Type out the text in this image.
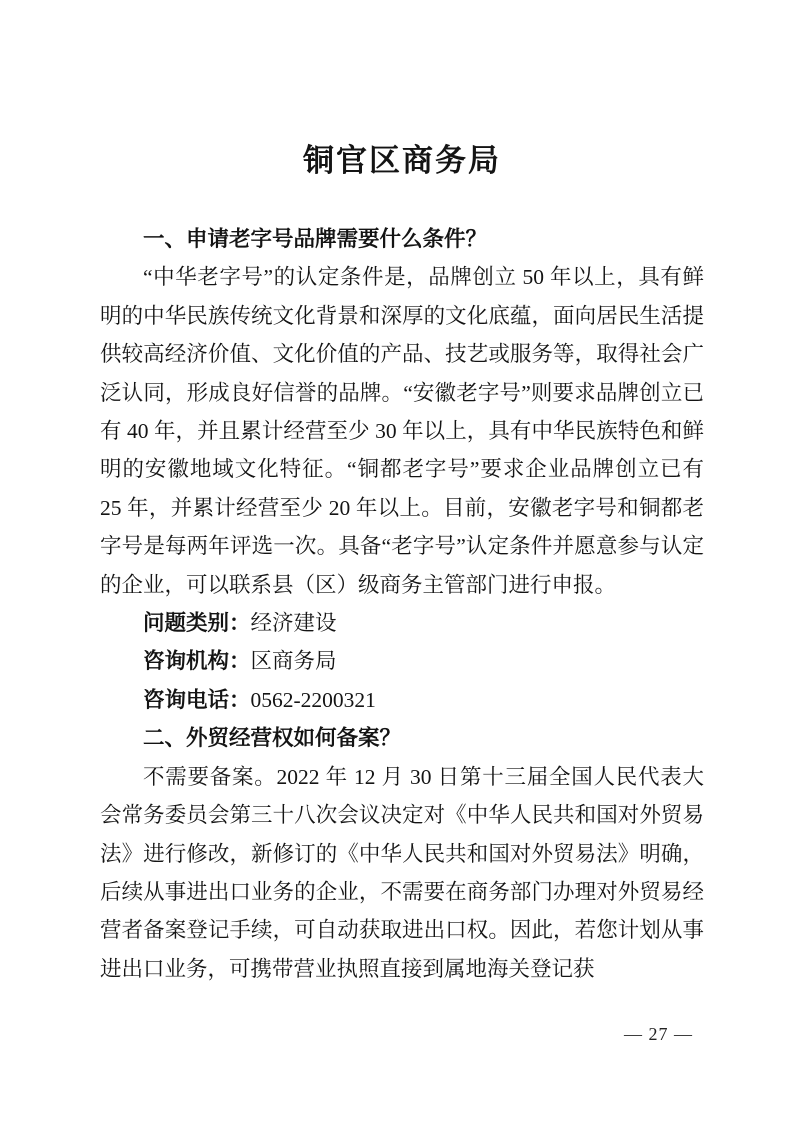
铜官区商务局
一、申请老字号品牌需要什么条件？

“中华老字号”的认定条件是，品牌创立 50 年以上，具有鲜明的中华民族传统文化背景和深厚的文化底蕴，面向居民生活提供较高经济价值、文化价值的产品、技艺或服务等，取得社会广泛认同，形成良好信誉的品牌。“安徽老字号”则要求品牌创立已有 40 年，并且累计经营至少 30 年以上，具有中华民族特色和鲜明的安徽地域文化特征。“铜都老字号”要求企业品牌创立已有 25 年，并累计经营至少 20 年以上。目前，安徽老字号和铜都老字号是每两年评选一次。具备“老字号”认定条件并愿意参与认定的企业，可以联系县（区）级商务主管部门进行申报。

问题类别：经济建设

咨询机构：区商务局

咨询电话：0562-2200321

二、外贸经营权如何备案？

不需要备案。2022 年 12 月 30 日第十三届全国人民代表大会常务委员会第三十八次会议决定对《中华人民共和国对外贸易法》进行修改，新修订的《中华人民共和国对外贸易法》明确，后续从事进出口业务的企业，不需要在商务部门办理对外贸易经营者备案登记手续，可自动获取进出口权。因此，若您计划从事进出口业务，可携带营业执照直接到属地海关登记获

— 27 —
